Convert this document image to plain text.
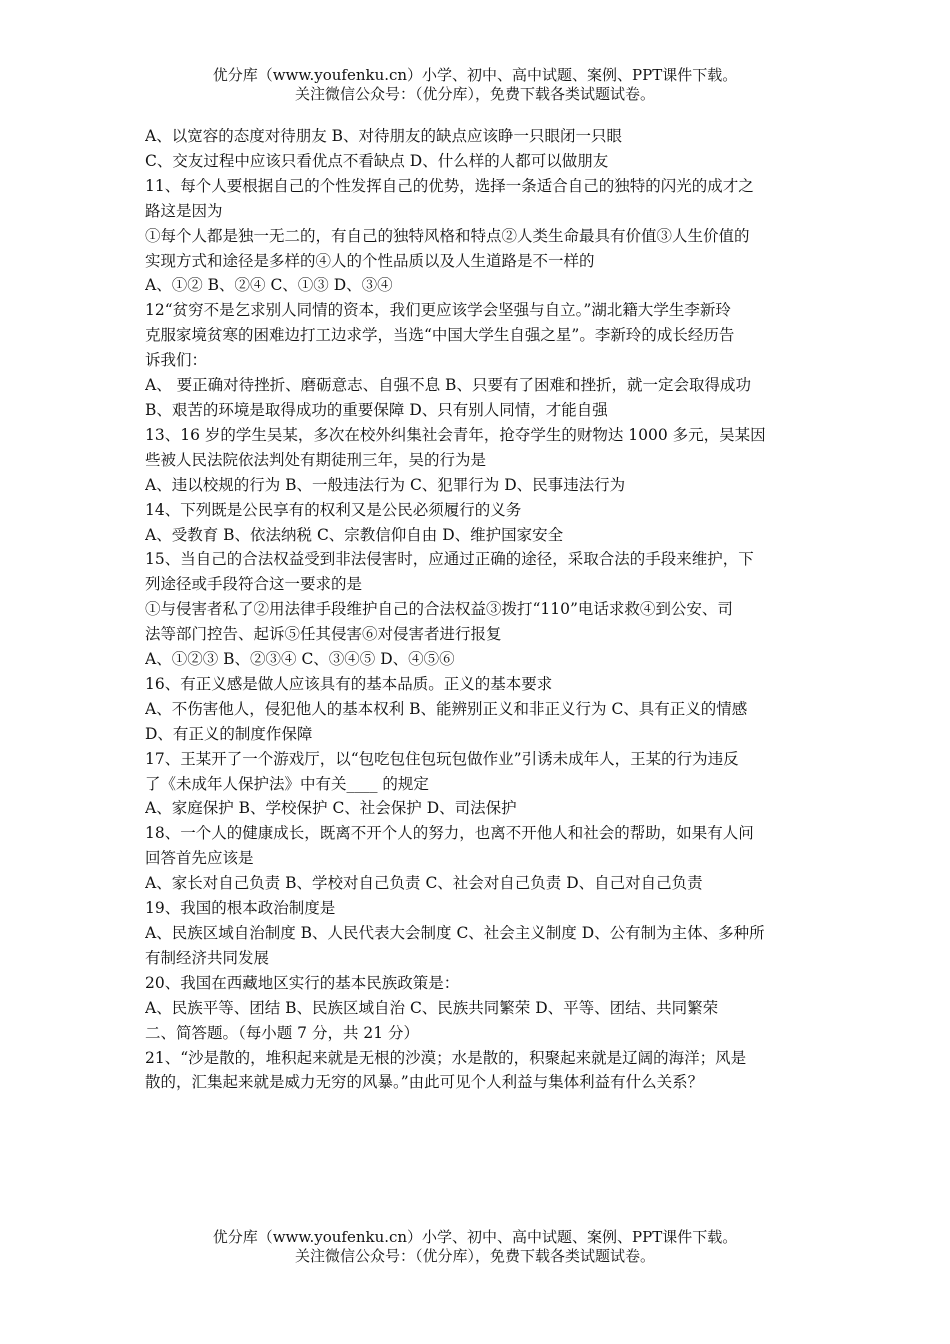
优分库（www.youfenku.cn）小学、初中、高中试题、案例、PPT课件下载。
关注微信公众号：（优分库），免费下载各类试题试卷。
A、以宽容的态度对待朋友 B、对待朋友的缺点应该睁一只眼闭一只眼
C、交友过程中应该只看优点不看缺点 D、什么样的人都可以做朋友
11、每个人要根据自己的个性发挥自己的优势，选择一条适合自己的独特的闪光的成才之
路这是因为
①每个人都是独一无二的，有自己的独特风格和特点②人类生命最具有价值③人生价值的
实现方式和途径是多样的④人的个性品质以及人生道路是不一样的
A、①② B、②④ C、①③ D、③④
12“贫穷不是乞求别人同情的资本，我们更应该学会坚强与自立。”湖北籍大学生李新玲
克服家境贫寒的困难边打工边求学，当选“中国大学生自强之星”。李新玲的成长经历告
诉我们：
A、 要正确对待挫折、磨砺意志、自强不息 B、只要有了困难和挫折，就一定会取得成功
B、艰苦的环境是取得成功的重要保障 D、只有别人同情，才能自强
13、16 岁的学生吴某，多次在校外纠集社会青年，抢夺学生的财物达 1000 多元，吴某因
些被人民法院依法判处有期徒刑三年，吴的行为是
A、违以校规的行为 B、一般违法行为 C、犯罪行为 D、民事违法行为
14、下列既是公民享有的权利又是公民必须履行的义务
A、受教育 B、依法纳税 C、宗教信仰自由 D、维护国家安全
15、当自己的合法权益受到非法侵害时，应通过正确的途径，采取合法的手段来维护，下
列途径或手段符合这一要求的是
①与侵害者私了②用法律手段维护自己的合法权益③拨打“110”电话求救④到公安、司
法等部门控告、起诉⑤任其侵害⑥对侵害者进行报复
A、①②③ B、②③④ C、③④⑤ D、④⑤⑥
16、有正义感是做人应该具有的基本品质。正义的基本要求
A、不伤害他人，侵犯他人的基本权利 B、能辨别正义和非正义行为 C、具有正义的情感
D、有正义的制度作保障
17、王某开了一个游戏厅，以“包吃包住包玩包做作业”引诱未成年人，王某的行为违反
了《未成年人保护法》中有关____ 的规定
A、家庭保护 B、学校保护 C、社会保护 D、司法保护
18、一个人的健康成长，既离不开个人的努力，也离不开他人和社会的帮助，如果有人问
回答首先应该是
A、家长对自己负责 B、学校对自己负责 C、社会对自己负责 D、自己对自己负责
19、我国的根本政治制度是
A、民族区域自治制度 B、人民代表大会制度 C、社会主义制度 D、公有制为主体、多种所
有制经济共同发展
20、我国在西藏地区实行的基本民族政策是：
A、民族平等、团结 B、民族区域自治 C、民族共同繁荣 D、平等、团结、共同繁荣
二、简答题。（每小题 7 分，共 21 分）
21、“沙是散的，堆积起来就是无根的沙漠；水是散的，积聚起来就是辽阔的海洋；风是
散的，汇集起来就是威力无穷的风暴。”由此可见个人利益与集体利益有什么关系？
优分库（www.youfenku.cn）小学、初中、高中试题、案例、PPT课件下载。
关注微信公众号：（优分库），免费下载各类试题试卷。
